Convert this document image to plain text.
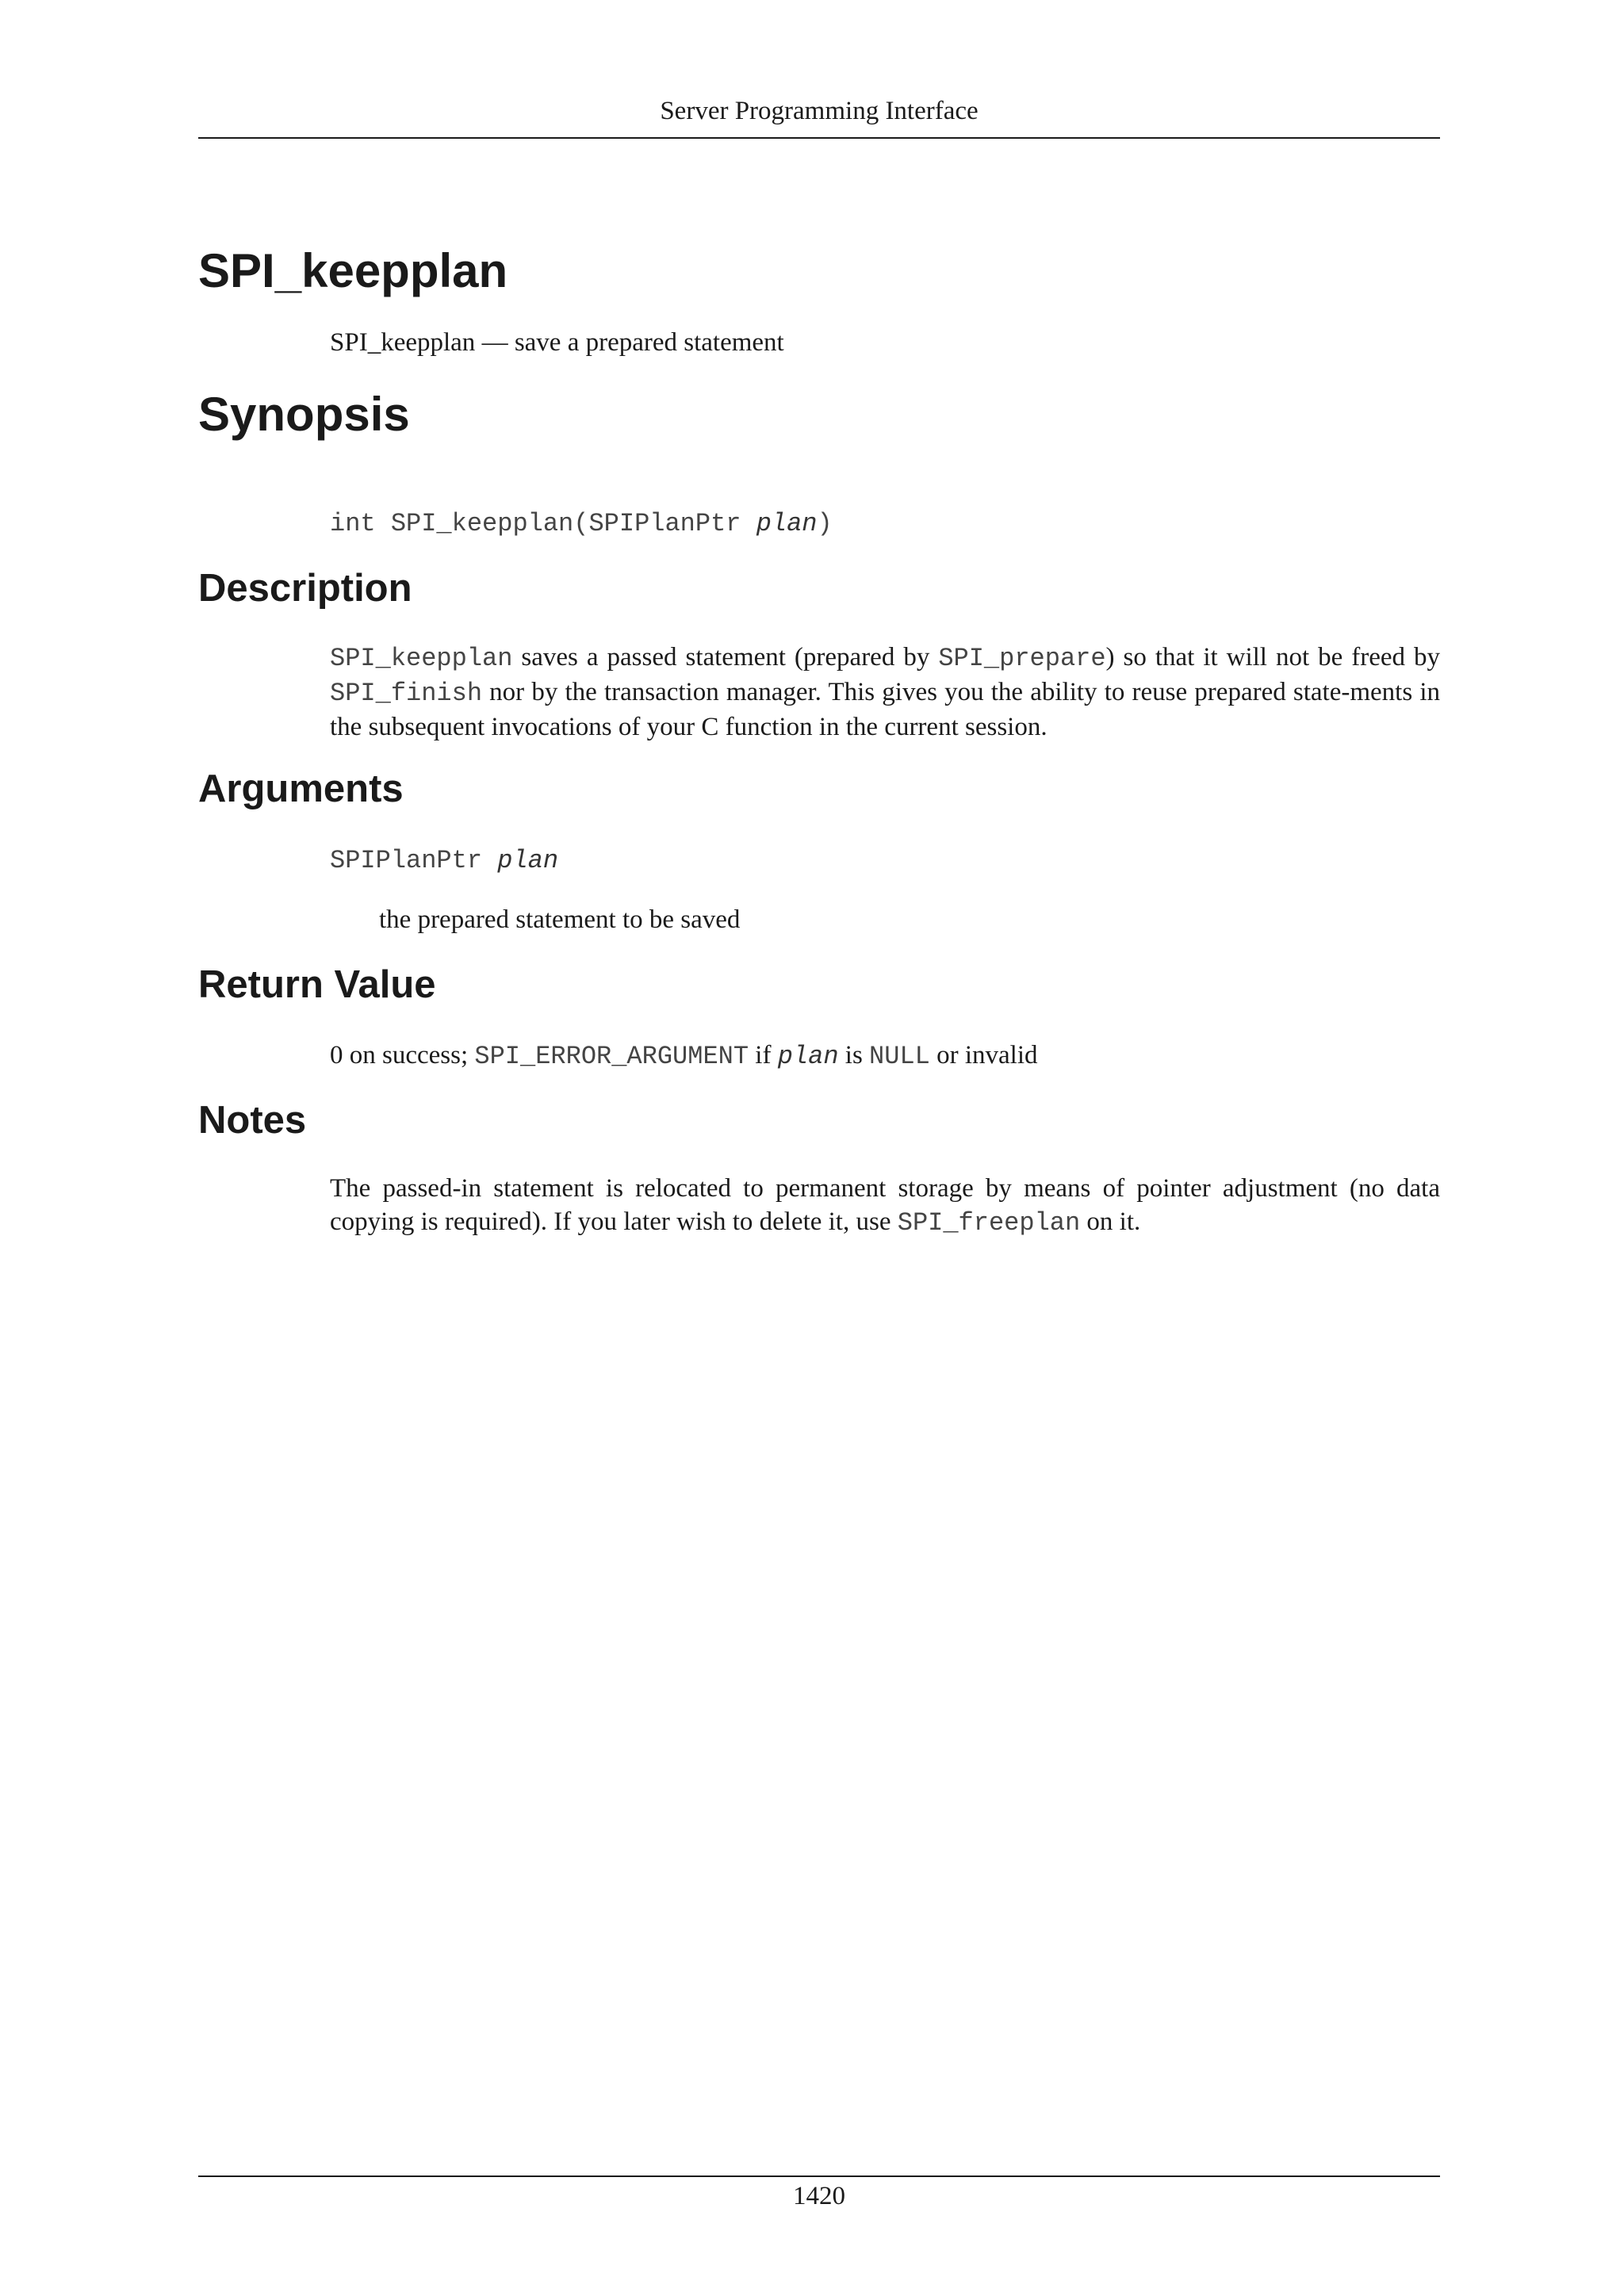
Server Programming Interface
SPI_keepplan

SPI_keepplan — save a prepared statement

Synopsis

int SPI_keepplan(SPIPlanPtr plan)

Description

SPI_keepplan saves a passed statement (prepared by SPI_prepare) so that it will not be freed by SPI_finish nor by the transaction manager. This gives you the ability to reuse prepared state-ments in the subsequent invocations of your C function in the current session.

Arguments

SPIPlanPtr plan

the prepared statement to be saved

Return Value

0 on success; SPI_ERROR_ARGUMENT if plan is NULL or invalid

Notes

The passed-in statement is relocated to permanent storage by means of pointer adjustment (no data copying is required). If you later wish to delete it, use SPI_freeplan on it.

1420
